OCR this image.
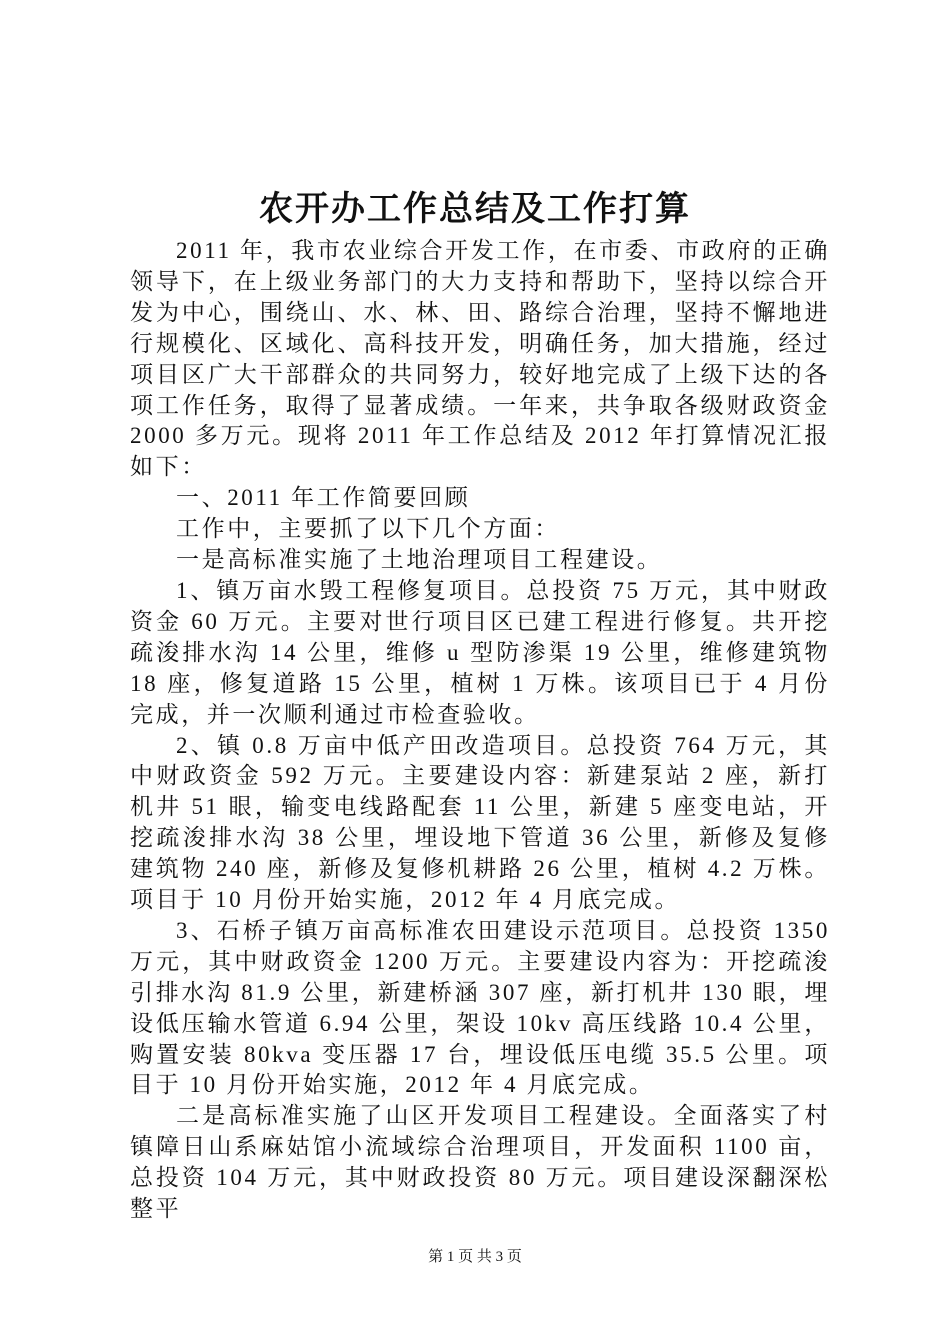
农开办工作总结及工作打算

2011 年，我市农业综合开发工作，在市委、市政府的正确领导下，在上级业务部门的大力支持和帮助下，坚持以综合开发为中心，围绕山、水、林、田、路综合治理，坚持不懈地进行规模化、区域化、高科技开发，明确任务，加大措施，经过项目区广大干部群众的共同努力，较好地完成了上级下达的各项工作任务，取得了显著成绩。一年来，共争取各级财政资金2000 多万元。现将 2011 年工作总结及 2012 年打算情况汇报如下：

一、2011 年工作简要回顾

工作中，主要抓了以下几个方面：

一是高标准实施了土地治理项目工程建设。

1、镇万亩水毁工程修复项目。总投资 75 万元，其中财政资金 60 万元。主要对世行项目区已建工程进行修复。共开挖疏浚排水沟 14 公里，维修 u 型防渗渠 19 公里，维修建筑物 18 座，修复道路 15 公里，植树 1 万株。该项目已于 4 月份完成，并一次顺利通过市检查验收。

2、镇 0.8 万亩中低产田改造项目。总投资 764 万元，其中财政资金 592 万元。主要建设内容：新建泵站 2 座，新打机井 51 眼，输变电线路配套 11 公里，新建 5 座变电站，开挖疏浚排水沟 38 公里，埋设地下管道 36 公里，新修及复修建筑物 240 座，新修及复修机耕路 26 公里，植树 4.2 万株。项目于 10 月份开始实施，2012 年 4 月底完成。

3、石桥子镇万亩高标准农田建设示范项目。总投资 1350 万元，其中财政资金 1200 万元。主要建设内容为：开挖疏浚引排水沟 81.9 公里，新建桥涵 307 座，新打机井 130 眼，埋设低压输水管道 6.94 公里，架设 10kv 高压线路 10.4 公里，购置安装 80kva 变压器 17 台，埋设低压电缆 35.5 公里。项目于 10 月份开始实施，2012 年 4 月底完成。

二是高标准实施了山区开发项目工程建设。全面落实了村镇障日山系麻姑馆小流域综合治理项目，开发面积 1100 亩，总投资 104 万元，其中财政投资 80 万元。项目建设深翻深松整平

第 1 页 共 3 页
